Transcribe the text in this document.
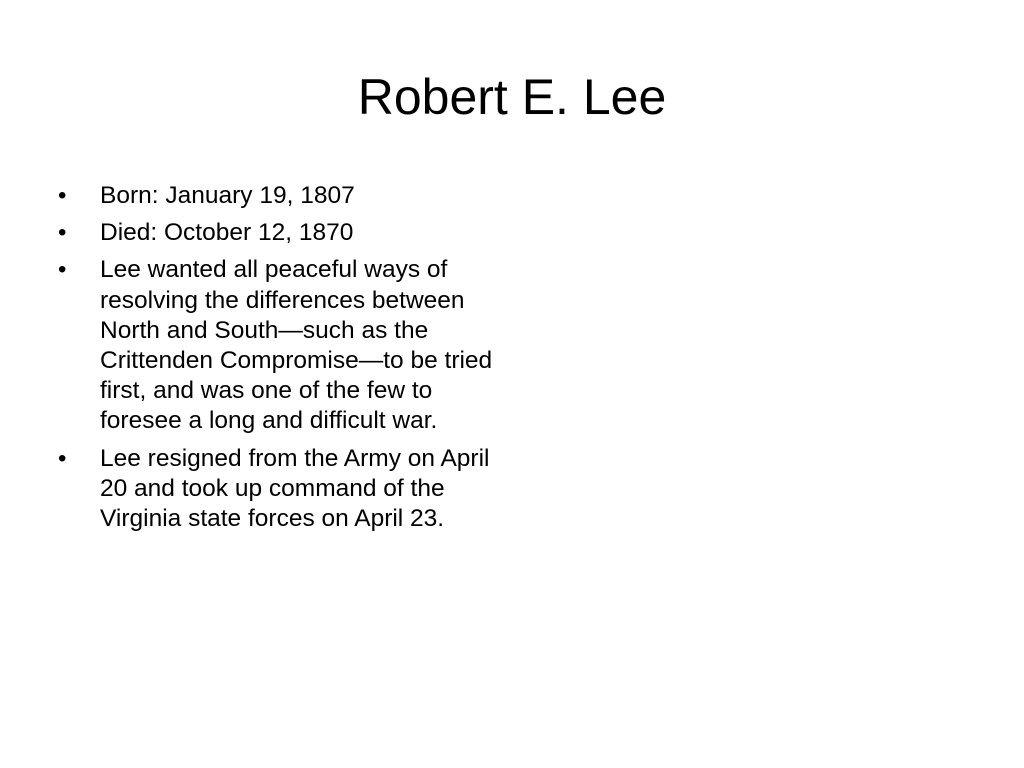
Robert E. Lee
•	Born: January 19, 1807
•	Died: October 12, 1870
•	Lee wanted all peaceful ways of resolving the differences between North and South—such as the Crittenden Compromise—to be tried first, and was one of the few to foresee a long and difficult war.
•	Lee resigned from the Army on April 20 and took up command of the Virginia state forces on April 23.
